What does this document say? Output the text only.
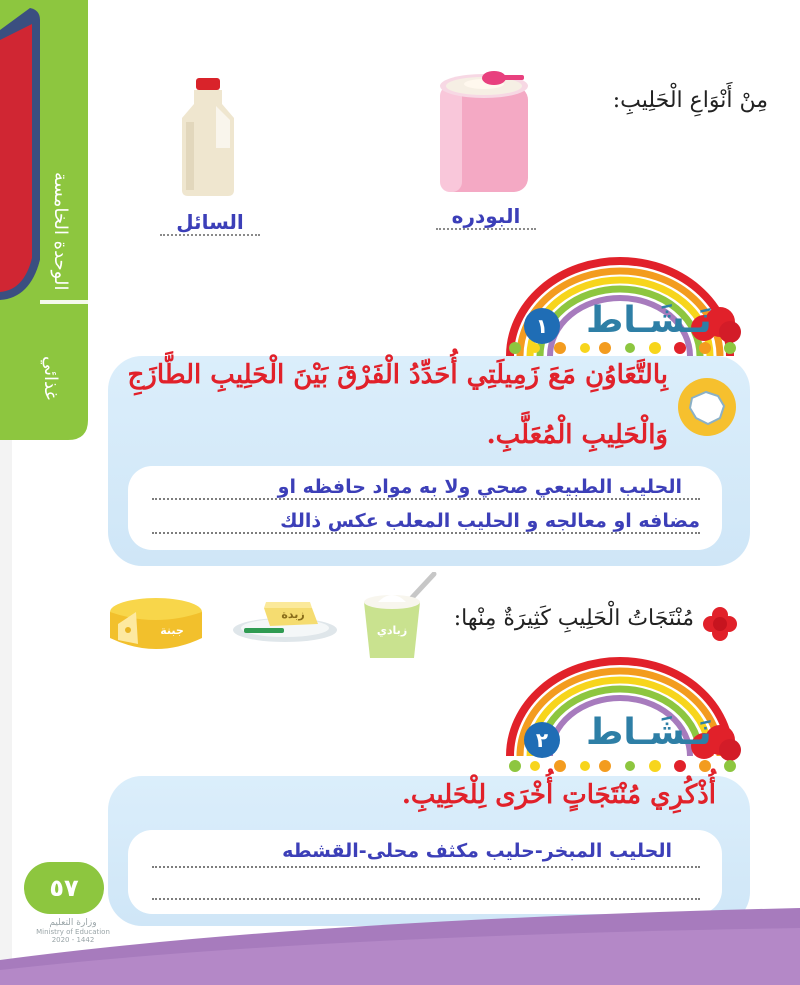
الوحدة الخامسة
غذائي
مِنْ أَنْوَاعِ الْحَلِيبِ:
البودره
السائل
نَـشَـاط
١
بِالتَّعَاوُنِ مَعَ زَمِيلَتِي أُحَدِّدُ الْفَرْقَ بَيْنَ الْحَلِيبِ الطَّازَجِ
وَالْحَلِيبِ الْمُعَلَّبِ.
الحليب الطبيعي صحي ولا به مواد حافظه او
مضافه او معالجه و الحليب المعلب عكس ذالك
مُنْتَجَاتُ الْحَلِيبِ كَثِيرَةٌ مِنْها:
زبادي
زبدة
جبنة
نَـشَـاط
٢
أُذْكُرِي مُنْتَجَاتٍ أُخْرَى لِلْحَلِيبِ.
الحليب المبخر-حليب مكثف محلى-القشطه
٥٧
وزارة التعليم
Ministry of Education
2020 - 1442
